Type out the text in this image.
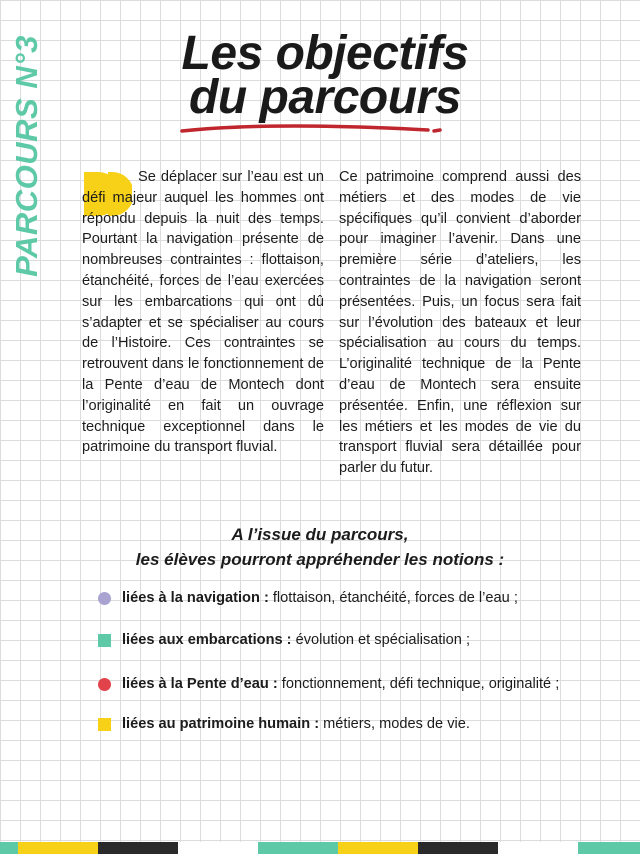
PARCOURS N°3	Les objectifs
du parcours

Se déplacer sur l’eau est un défi majeur auquel les hommes ont répondu depuis la nuit des temps. Pourtant la navigation présente de nombreuses contraintes : flottaison, étanchéité, forces de l’eau exercées sur les embarcations qui ont dû s’adapter et se spécialiser au cours de l’Histoire. Ces contraintes se retrouvent dans le fonctionnement de la Pente d’eau de Montech dont l’originalité en fait un ouvrage technique exceptionnel dans le patrimoine du transport fluvial.

Ce patrimoine comprend aussi des métiers et des modes de vie spécifiques qu’il convient d’aborder pour imaginer l’avenir. Dans une première série d’ateliers, les contraintes de la navigation seront présentées. Puis, un focus sera fait sur l’évolution des bateaux et leur spécialisation au cours du temps. L’originalité technique de la Pente d’eau de Montech sera ensuite présentée. Enfin, une réflexion sur les métiers et les modes de vie du transport fluvial sera détaillée pour parler du futur.

A l’issue du parcours,
les élèves pourront appréhender les notions :
liées à la navigation : flottaison, étanchéité, forces de l’eau ;
liées aux embarcations : évolution et spécialisation ;
liées à la Pente d’eau : fonctionnement, défi technique, originalité ;
liées au patrimoine humain : métiers, modes de vie.
